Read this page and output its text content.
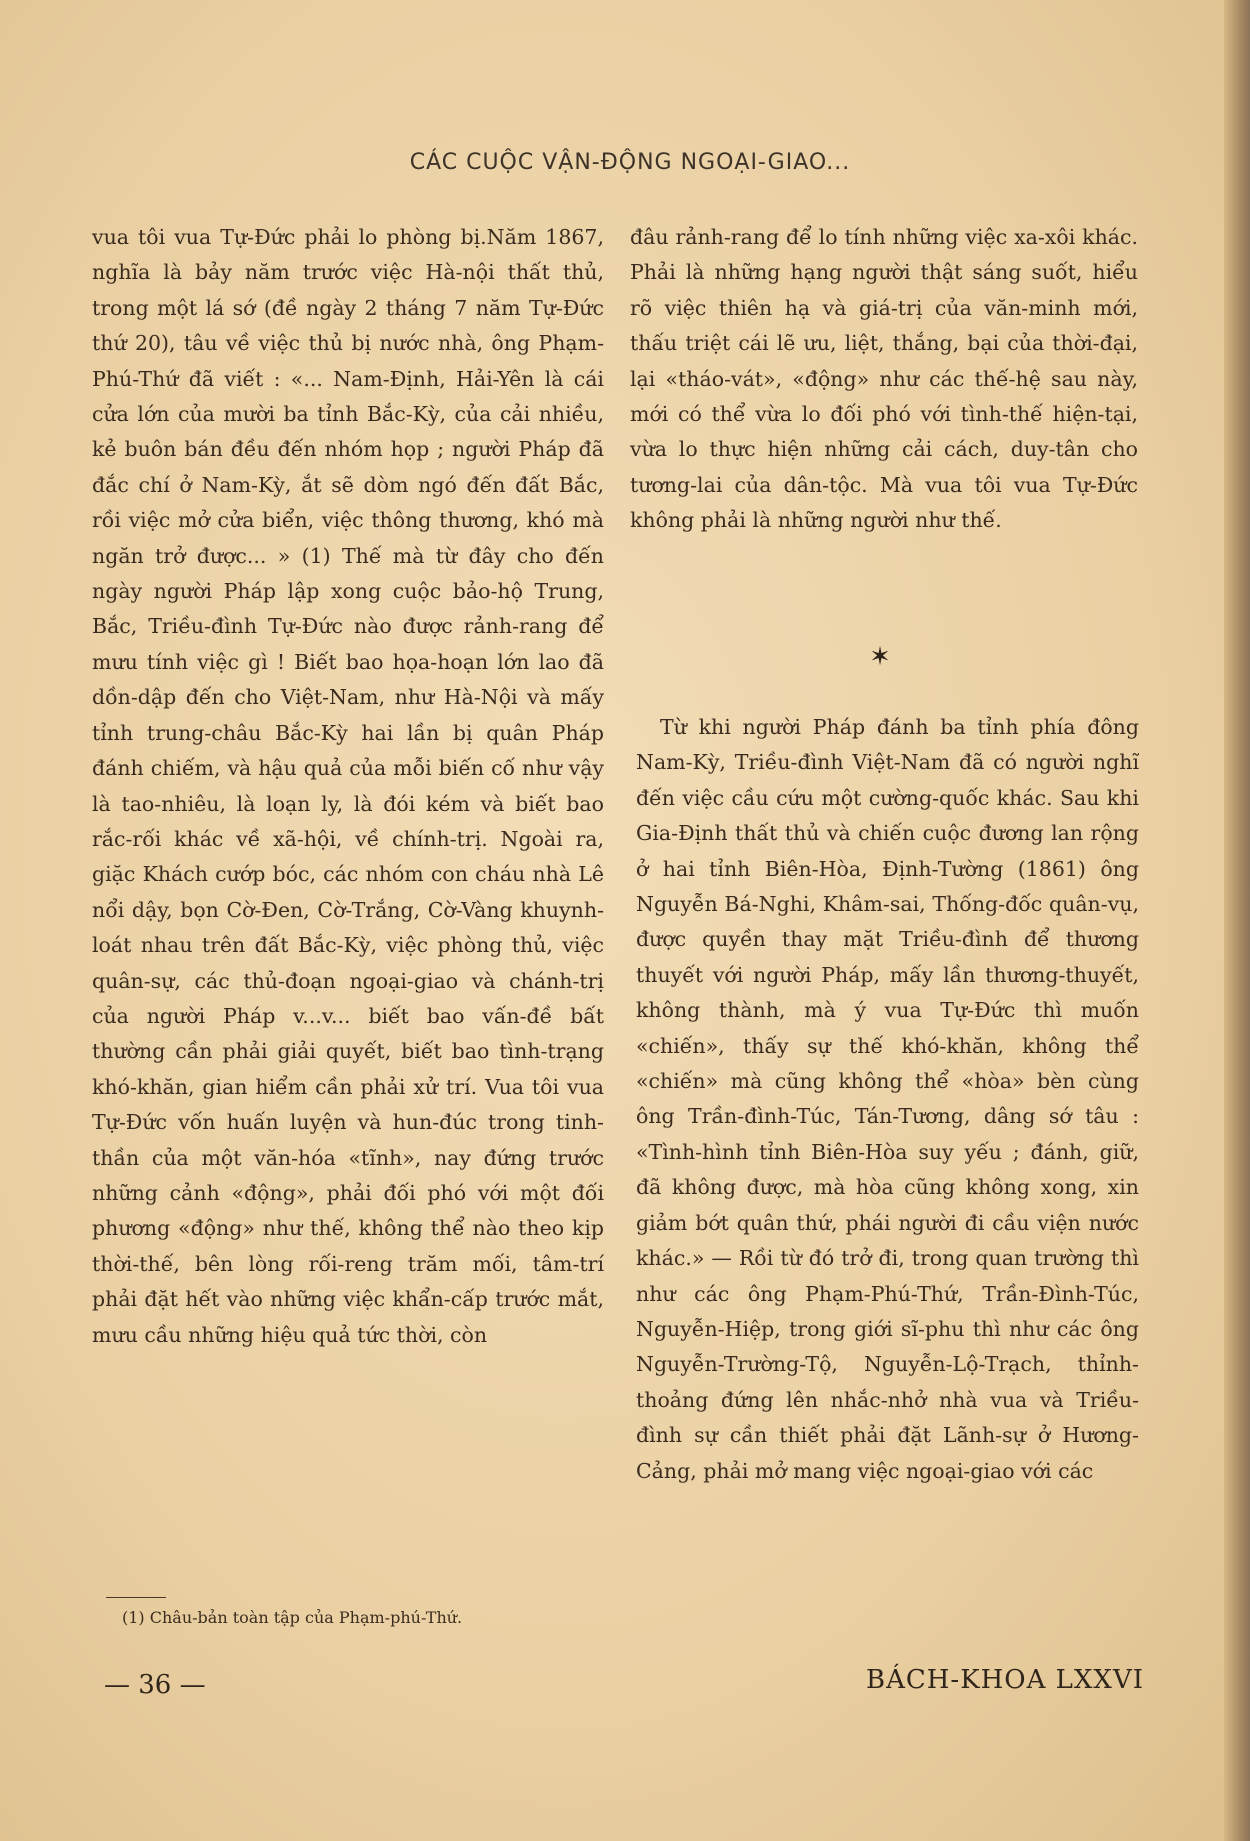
CÁC CUỘC VẬN-ĐỘNG NGOẠI-GIAO...

vua tôi vua Tự-Đức phải lo phòng bị.Năm 1867, nghĩa là bảy năm trước việc Hà-nội thất thủ, trong một lá sớ (đề ngày 2 tháng 7 năm Tự-Đức thứ 20), tâu về việc thủ bị nước nhà, ông Phạm-Phú-Thứ đã viết : «... Nam-Định, Hải-Yên là cái cửa lớn của mười ba tỉnh Bắc-Kỳ, của cải nhiều, kẻ buôn bán đều đến nhóm họp ; người Pháp đã đắc chí ở Nam-Kỳ, ắt sẽ dòm ngó đến đất Bắc, rồi việc mở cửa biển, việc thông thương, khó mà ngăn trở được... » (1) Thế mà từ đây cho đến ngày người Pháp lập xong cuộc bảo-hộ Trung, Bắc, Triều-đình Tự-Đức nào được rảnh-rang để mưu tính việc gì ! Biết bao họa-hoạn lớn lao đã dồn-dập đến cho Việt-Nam, như Hà-Nội và mấy tỉnh trung-châu Bắc-Kỳ hai lần bị quân Pháp đánh chiếm, và hậu quả của mỗi biến cố như vậy là tao-nhiêu, là loạn ly, là đói kém và biết bao rắc-rối khác về xã-hội, về chính-trị. Ngoài ra, giặc Khách cướp bóc, các nhóm con cháu nhà Lê nổi dậy, bọn Cờ-Đen, Cờ-Trắng, Cờ-Vàng khuynh-loát nhau trên đất Bắc-Kỳ, việc phòng thủ, việc quân-sự, các thủ-đoạn ngoại-giao và chánh-trị của người Pháp v...v... biết bao vấn-đề bất thường cần phải giải quyết, biết bao tình-trạng khó-khăn, gian hiểm cần phải xử trí. Vua tôi vua Tự-Đức vốn huấn luyện và hun-đúc trong tinh-thần của một văn-hóa «tĩnh», nay đứng trước những cảnh «động», phải đối phó với một đối phương «động» như thế, không thể nào theo kịp thời-thế, bên lòng rối-reng trăm mối, tâm-trí phải đặt hết vào những việc khẩn-cấp trước mắt, mưu cầu những hiệu quả tức thời, còn

đâu rảnh-rang để lo tính những việc xa-xôi khác. Phải là những hạng người thật sáng suốt, hiểu rõ việc thiên hạ và giá-trị của văn-minh mới, thấu triệt cái lẽ ưu, liệt, thắng, bại của thời-đại, lại «tháo-vát», «động» như các thế-hệ sau này, mới có thể vừa lo đối phó với tình-thế hiện-tại, vừa lo thực hiện những cải cách, duy-tân cho tương-lai của dân-tộc. Mà vua tôi vua Tự-Đức không phải là những người như thế.

✶

Từ khi người Pháp đánh ba tỉnh phía đông Nam-Kỳ, Triều-đình Việt-Nam đã có người nghĩ đến việc cầu cứu một cường-quốc khác. Sau khi Gia-Định thất thủ và chiến cuộc đương lan rộng ở hai tỉnh Biên-Hòa, Định-Tường (1861) ông Nguyễn Bá-Nghi, Khâm-sai, Thống-đốc quân-vụ, được quyền thay mặt Triều-đình để thương thuyết với người Pháp, mấy lần thương-thuyết, không thành, mà ý vua Tự-Đức thì muốn «chiến», thấy sự thế khó-khăn, không thể «chiến» mà cũng không thể «hòa» bèn cùng ông Trần-đình-Túc, Tán-Tương, dâng sớ tâu : «Tình-hình tỉnh Biên-Hòa suy yếu ; đánh, giữ, đã không được, mà hòa cũng không xong, xin giảm bớt quân thứ, phái người đi cầu viện nước khác.» — Rồi từ đó trở đi, trong quan trường thì như các ông Phạm-Phú-Thứ, Trần-Đình-Túc, Nguyễn-Hiệp, trong giới sĩ-phu thì như các ông Nguyễn-Trường-Tộ, Nguyễn-Lộ-Trạch, thỉnh-thoảng đứng lên nhắc-nhở nhà vua và Triều-đình sự cần thiết phải đặt Lãnh-sự ở Hương-Cảng, phải mở mang việc ngoại-giao với các

(1) Châu-bản toàn tập của Phạm-phú-Thứ.
— 36 —	BÁCH-KHOA LXXVI
